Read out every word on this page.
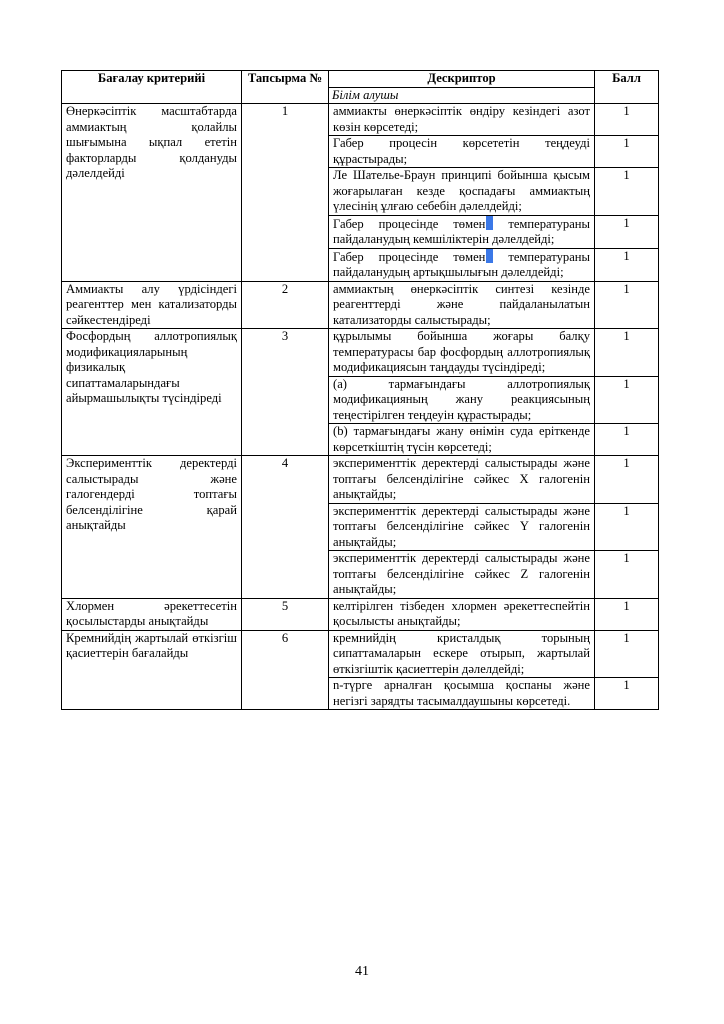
Бағалау критерийі	Тапсырма №	Дескриптор	Балл
		Білім алушы	
Өнеркәсіптік масштабтарда аммиактың қолайлы шығымына ықпал ететін факторларды қолдануды дәлелдейді	1	аммиакты өнеркәсіптік өндіру кезіндегі азот көзін көрсетеді;	1
		Габер процесін көрсететін теңдеуді құрастырады;	1
		Ле Шателье-Браун принципі бойынша қысым жоғарылаған кезде қоспадағы аммиактың үлесінің ұлғаю себебін дәлелдейді;	1
		Габер процесінде төмен температураны пайдаланудың кемшіліктерін дәлелдейді;	1
		Габер процесінде төмен температураны пайдаланудың артықшылығын дәлелдейді;	1
Аммиакты алу үрдісіндегі реагенттер мен катализаторды сәйкестендіреді	2	аммиактың өнеркәсіптік синтезі кезінде реагенттерді және пайдаланылатын катализаторды салыстырады;	1
Фосфордың аллотропиялық модификацияларының физикалық сипаттамаларындағы айырмашылықты түсіндіреді	3	құрылымы бойынша жоғары балқу температурасы бар фосфордың аллотропиялық модификациясын таңдауды түсіндіреді;	1
		(a) тармағындағы аллотропиялық модификацияның жану реакциясының теңестірілген теңдеуін құрастырады;	1
		(b) тармағындағы жану өнімін суда еріткенде көрсеткіштің түсін көрсетеді;	1
Эксперименттік деректерді салыстырады және галогендерді топтағы белсенділігіне қарай анықтайды	4	эксперименттік деректерді салыстырады және топтағы белсенділігіне сәйкес X галогенін анықтайды;	1
		эксперименттік деректерді салыстырады және топтағы белсенділігіне сәйкес Y галогенін анықтайды;	1
		эксперименттік деректерді салыстырады және топтағы белсенділігіне сәйкес Z галогенін анықтайды;	1
Хлормен әрекеттесетін қосылыстарды анықтайды	5	келтірілген тізбеден хлормен әрекеттеспейтін қосылысты анықтайды;	1
Кремнийдің жартылай өткізгіш қасиеттерін бағалайды	6	кремнийдің кристалдық торының сипаттамаларын ескере отырып, жартылай өткізгіштік қасиеттерін дәлелдейді;	1
		n-түрге арналған қосымша қоспаны және негізгі зарядты тасымалдаушыны көрсетеді.	1
41
